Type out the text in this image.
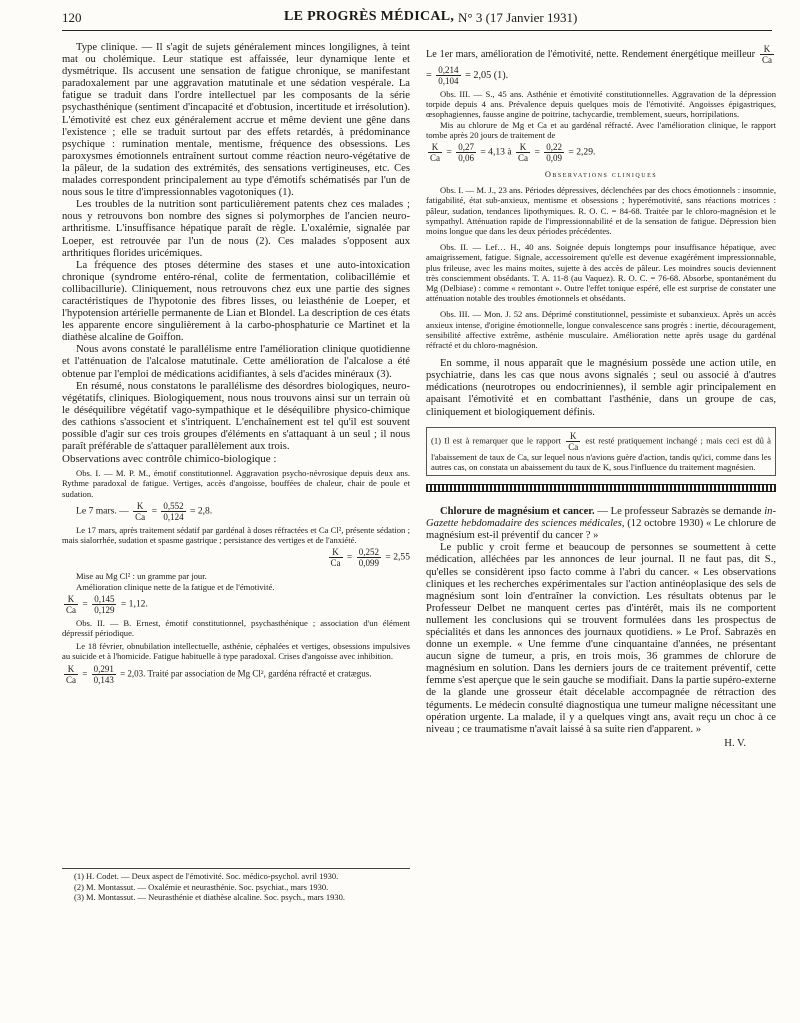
120	LE PROGRÈS MÉDICAL, N° 3 (17 Janvier 1931)

Type clinique. — Il s'agit de sujets généralement minces longilignes, à teint mat ou cholémique. Leur statique est affaissée, leur dynamique lente et dysmétrique. Ils accusent une sensation de fatigue chronique, se manifestant paradoxalement par une aggravation matutinale et une sédation vespérale. La fatigue se traduit dans l'ordre intellectuel par les composants de la série psychasthénique (sentiment d'incapacité et d'obtusion, incertitude et irrésolution). L'émotivité est chez eux généralement accrue et même devient une gêne dans l'existence ; elle se traduit surtout par des effets retardés, à prédominance psychique : rumination mentale, mentisme, fréquence des obsessions. Les paroxysmes émotionnels entraînent surtout comme réaction neuro-végétative de la pâleur, de la sudation des extrémités, des sensations vertigineuses, etc. Ces malades correspondent principalement au type d'émotifs schématisés par l'un de nous sous le titre d'impressionnables vagotoniques (1).

Les troubles de la nutrition sont particulièrement patents chez ces malades ; nous y retrouvons bon nombre des signes si polymorphes de l'ancien neuro-arthritisme. L'insuffisance hépatique paraît de règle. L'oxalémie, signalée par Loeper, est retrouvée par l'un de nous (2). Ces malades s'opposent aux arthritiques florides uricémiques.

La fréquence des ptoses détermine des stases et une auto-intoxication chronique (syndrome entéro-rénal, colite de fermentation, colibacillémie et collibacillurie). Cliniquement, nous retrouvons chez eux une partie des signes caractéristiques de l'hypotonie des fibres lisses, ou leiasthénie de Loeper, et l'hypotension artérielle permanente de Lian et Blondel. La description de ces états les apparente encore singulièrement à la carbo-phosphaturie ce Martinet et la diathèse alcaline de Goiffon.

Nous avons constaté le parallélisme entre l'amélioration clinique quotidienne et l'atténuation de l'alcalose matutinale. Cette amélioration de l'alcalose a été obtenue par l'emploi de médications acidifiantes, à sels d'acides minéraux (3).

En résumé, nous constatons le parallélisme des désordres biologiques, neuro-végétatifs, cliniques. Biologiquement, nous nous trouvons ainsi sur un terrain où le déséquilibre végétatif vago-sympathique et le déséquilibre physico-chimique des cathions s'associent et s'intriquent. L'enchaînement est tel qu'il est souvent possible d'agir sur ces trois groupes d'éléments en s'attaquant à un seul ; il nous paraît préférable de s'attaquer parallèlement aux trois.

Observations avec contrôle chimico-biologique :

Obs. I. — M. P. M., émotif constitutionnel. Aggravation psycho-névrosique depuis deux ans. Rythme paradoxal de fatigue. Vertiges, accès d'angoisse, bouffées de chaleur, chair de poule et sudation.

Le 7 mars. — $\frac{K}{Ca} = \frac{0,552}{0,124} = 2,8$.

Le 17 mars, après traitement sédatif par gardénal à doses réfractées et Ca Cl², présente sédation ; mais sialorrhée, sudation et spasme gastrique ; persistance des vertiges et de l'anxiété.

$\frac{K}{Ca} = \frac{0,252}{0,099} = 2,55$

Mise au Mg Cl² : un gramme par jour.

Amélioration clinique nette de la fatigue et de l'émotivité.

$\frac{K}{Ca} = \frac{0,145}{0,129} = 1,12$.

Obs. II. — B. Ernest, émotif constitutionnel, psychasthénique ; association d'un élément dépressif périodique.

Le 18 février, obnubilation intellectuelle, asthénie, céphalées et vertiges, obsessions impulsives au suicide et à l'homicide. Fatigue habituelle à type paradoxal. Crises d'angoisse avec inhibition.

$\frac{K}{Ca} = \frac{0,291}{0,143} = 2,03$. Traité par association de Mg Cl², gardéna réfracté et cratægus.
(1) H. Codet. — Deux aspect de l'émotivité. Soc. médico-psychol. avril 1930.
(2) M. Montassut. — Oxalémie et neurasthénie. Soc. psychiat., mars 1930.
(3) M. Montassut. — Neurasthénie et diathèse alcaline. Soc. psych., mars 1930.
Le 1er mars, amélioration de l'émotivité, nette. Rendement énergétique meilleur $\frac{K}{Ca}$
= $\frac{0,214}{0,104} = 2,05$ (1).

Obs. III. — S., 45 ans. Asthénie et émotivité constitutionnelles. Aggravation de la dépression torpide depuis 4 ans. Prévalence depuis quelques mois de l'émotivité. Angoisses épigastriques, œsophagiennes, fausse angine de poitrine, tachycardie, tremblement, sueurs, horripilations.

Mis au chlorure de Mg et Ca et au gardénal réfracté. Avec l'amélioration clinique, le rapport tombe après 20 jours de traitement de

$\frac{K}{Ca} = \frac{0,27}{0,06} = 4,13$ à $\frac{K}{Ca} = \frac{0,22}{0,09} = 2,29$.
Observations cliniques

Obs. I. — M. J., 23 ans. Périodes dépressives, déclenchées par des chocs émotionnels : insomnie, fatigabilité, état sub-anxieux, mentisme et obsessions ; hyperémotivité, sans réactions motrices : pâleur, sudation, tendances lipothymiques. R. O. C. = 84-68. Traitée par le chloro-magnésion et le sympathyl. Atténuation rapide de l'impressionnabilité et de la sensation de fatigue. Dépression bien moins longue que dans les deux périodes précédentes.

Obs. II. — Lef… H., 40 ans. Soignée depuis longtemps pour insuffisance hépatique, avec amaigrissement, fatigue. Signale, accessoirement qu'elle est devenue exagérément impressionnable, plus frileuse, avec les mains moites, sujette à des accès de pâleur. Les moindres soucis deviennent très consciemment obsédants. T. A. 11-8 (au Vaquez). R. O. C. = 76-68. Absorbe, spontanément du Mg (Delbiase) : comme « remontant ». Outre l'effet tonique espéré, elle est surprise de constater une atténuation notable des troubles émotionnels et obsédants.

Obs. III. — Mon. J. 52 ans. Déprimé constitutionnel, pessimiste et subanxieux. Après un accès anxieux intense, d'origine émotionnelle, longue convalescence sans progrès : inertie, découragement, sensibilité affective extrême, asthénie musculaire. Amélioration nette après usage du gardénal réfracté et du chloro-magnésion.

En somme, il nous apparaît que le magnésium possède une action utile, en psychiatrie, dans les cas que nous avons signalés ; seul ou associé à d'autres médications (neurotropes ou endocriniennes), il semble agir principalement en apaisant l'émotivité et en combattant l'asthénie, dans un groupe de cas, cliniquement et biologiquement définis.

(1) Il est à remarquer que le rapport $\frac{K}{Ca}$ est resté pratiquement inchangé ; mais ceci est dû à l'abaissement de taux de Ca, sur lequel nous n'avions guère d'action, tandis qu'ici, comme dans les autres cas, on constata un abaissement du taux de K, sous l'influence du traitement magnésien.

Chlorure de magnésium et cancer. — Le professeur Sabrazès se demande in-Gazette hebdomadaire des sciences médicales, (12 octobre 1930) « Le chlorure de magnésium est-il préventif du cancer ? »

Le public y croit ferme et beaucoup de personnes se soumettent à cette médication, alléchées par les annonces de leur journal. Il ne faut pas, dit S., qu'elles se considèrent ipso facto comme à l'abri du cancer. « Les observations cliniques et les recherches expérimentales sur l'action antinéoplasique des sels de magnésium sont loin d'entraîner la conviction. Les résultats obtenus par le Professeur Delbet ne manquent certes pas d'intérêt, mais ils ne comportent nullement les conclusions qui se trouvent formulées dans les prospectus de spécialités et dans les annonces des journaux quotidiens. » Le Prof. Sabrazès en donne un exemple. « Une femme d'une cinquantaine d'années, ne présentant aucun signe de tumeur, a pris, en trois mois, 36 grammes de chlorure de magnésium en solution. Dans les derniers jours de ce traitement préventif, cette femme s'est aperçue que le sein gauche se modifiait. Dans la partie supéro-externe de la glande une grosseur était décelable accompagnée de rétraction des téguments. Le médecin consulté diagnostiqua une tumeur maligne nécessitant une opération urgente. La malade, il y a quelques vingt ans, avait reçu un choc à ce niveau ; ce traumatisme n'avait laissé à sa suite rien d'apparent. »

H. V.
